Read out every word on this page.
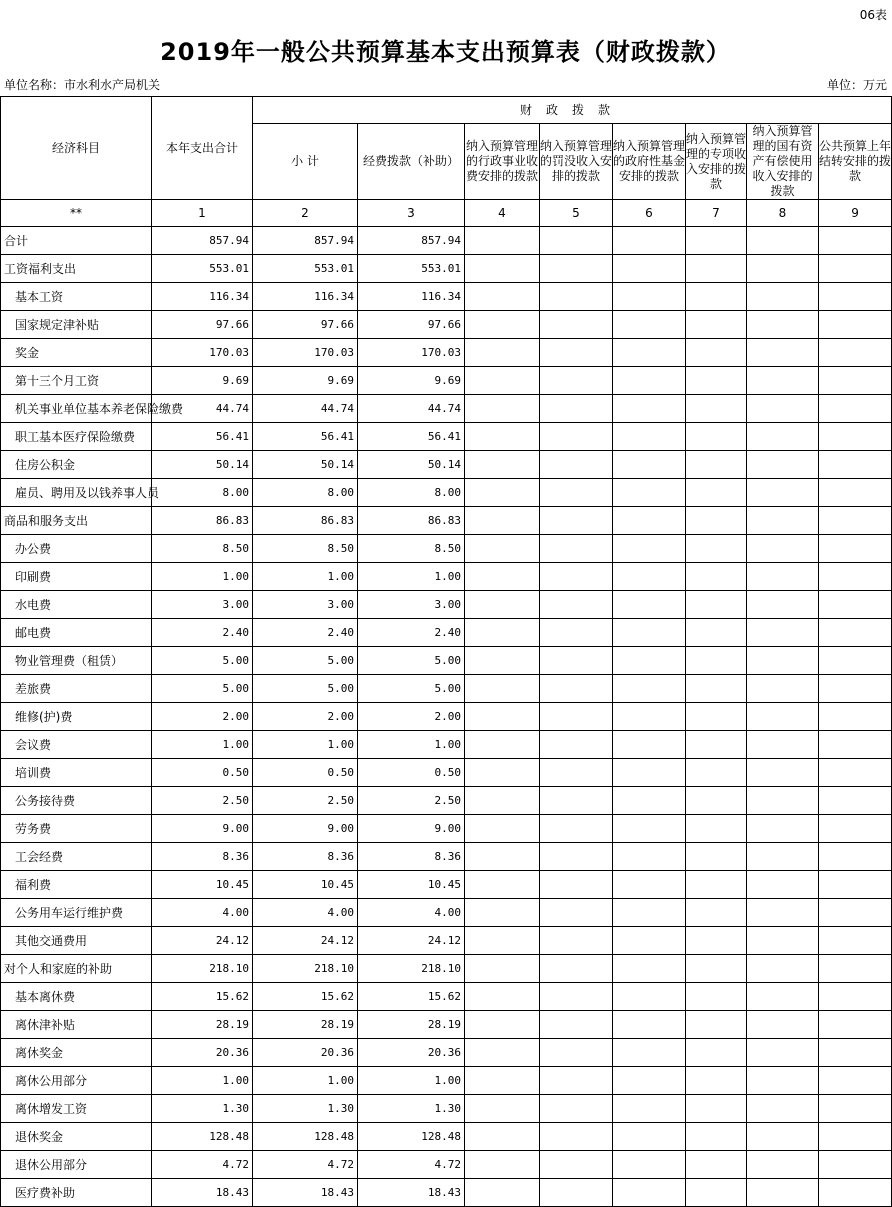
06表
2019年一般公共预算基本支出预算表（财政拨款）
单位名称：市水利水产局机关	单位：万元
经济科目	本年支出合计	财政拨款							
		小 计	经费拨款（补助）	纳入预算管理的行政事业收费安排的拨款	纳入预算管理的罚没收入安排的拨款	纳入预算管理的政府性基金安排的拨款	纳入预算管理的专项收入安排的拨款	纳入预算管理的国有资产有偿使用收入安排的拨款	公共预算上年结转安排的拨款
**	1	2	3	4	5	6	7	8	9
合计	857.94	857.94	857.94						
工资福利支出	553.01	553.01	553.01						
基本工资	116.34	116.34	116.34						
国家规定津补贴	97.66	97.66	97.66						
奖金	170.03	170.03	170.03						
第十三个月工资	9.69	9.69	9.69						
机关事业单位基本养老保险缴费	44.74	44.74	44.74						
职工基本医疗保险缴费	56.41	56.41	56.41						
住房公积金	50.14	50.14	50.14						
雇员、聘用及以钱养事人员	8.00	8.00	8.00						
商品和服务支出	86.83	86.83	86.83						
办公费	8.50	8.50	8.50						
印刷费	1.00	1.00	1.00						
水电费	3.00	3.00	3.00						
邮电费	2.40	2.40	2.40						
物业管理费（租赁）	5.00	5.00	5.00						
差旅费	5.00	5.00	5.00						
维修(护)费	2.00	2.00	2.00						
会议费	1.00	1.00	1.00						
培训费	0.50	0.50	0.50						
公务接待费	2.50	2.50	2.50						
劳务费	9.00	9.00	9.00						
工会经费	8.36	8.36	8.36						
福利费	10.45	10.45	10.45						
公务用车运行维护费	4.00	4.00	4.00						
其他交通费用	24.12	24.12	24.12						
对个人和家庭的补助	218.10	218.10	218.10						
基本离休费	15.62	15.62	15.62						
离休津补贴	28.19	28.19	28.19						
离休奖金	20.36	20.36	20.36						
离休公用部分	1.00	1.00	1.00						
离休增发工资	1.30	1.30	1.30						
退休奖金	128.48	128.48	128.48						
退休公用部分	4.72	4.72	4.72						
医疗费补助	18.43	18.43	18.43						
